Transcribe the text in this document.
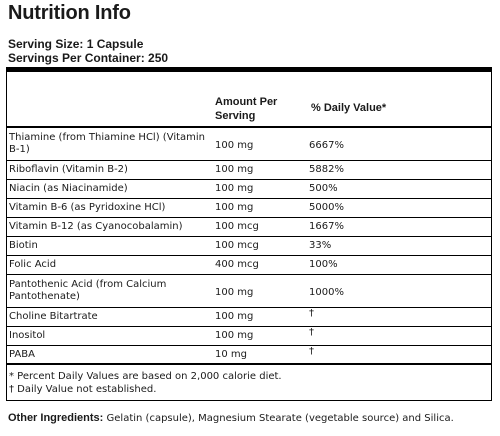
Nutrition Info
Serving Size: 1 Capsule
Servings Per Container: 250
Amount Per Serving
% Daily Value*
Thiamine (from Thiamine HCl) (Vitamin B-1)	100 mg	6667%
Riboflavin (Vitamin B-2)	100 mg	5882%
Niacin (as Niacinamide)	100 mg	500%
Vitamin B-6 (as Pyridoxine HCl)	100 mg	5000%
Vitamin B-12 (as Cyanocobalamin)	100 mcg	1667%
Biotin	100 mcg	33%
Folic Acid	400 mcg	100%
Pantothenic Acid (from Calcium Pantothenate)	100 mg	1000%
Choline Bitartrate	100 mg	†
Inositol	100 mg	†
PABA	10 mg	†
* Percent Daily Values are based on 2,000 calorie diet.
† Daily Value not established.
Other Ingredients: Gelatin (capsule), Magnesium Stearate (vegetable source) and Silica.
